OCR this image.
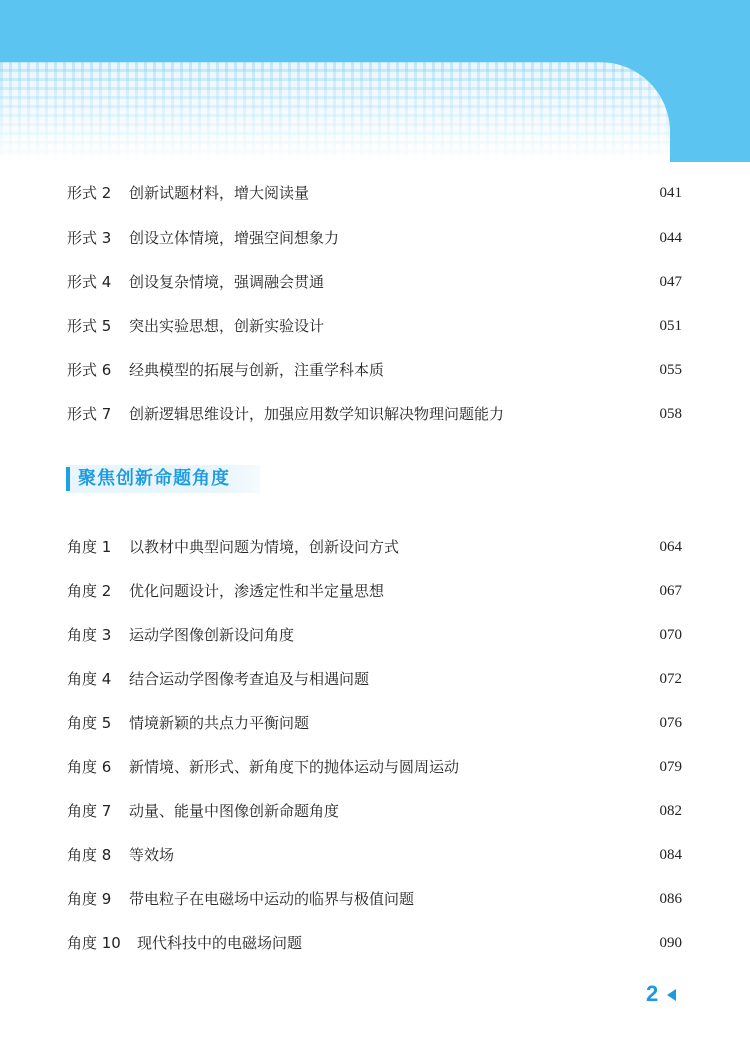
形式 2 创新试题材料，增大阅读量	041
形式 3 创设立体情境，增强空间想象力	044
形式 4 创设复杂情境，强调融会贯通	047
形式 5 突出实验思想，创新实验设计	051
形式 6 经典模型的拓展与创新，注重学科本质	055
形式 7 创新逻辑思维设计，加强应用数学知识解决物理问题能力	058
聚焦创新命题角度
角度 1 以教材中典型问题为情境，创新设问方式	064
角度 2 优化问题设计，渗透定性和半定量思想	067
角度 3 运动学图像创新设问角度	070
角度 4 结合运动学图像考查追及与相遇问题	072
角度 5 情境新颖的共点力平衡问题	076
角度 6 新情境、新形式、新角度下的抛体运动与圆周运动	079
角度 7 动量、能量中图像创新命题角度	082
角度 8 等效场	084
角度 9 带电粒子在电磁场中运动的临界与极值问题	086
角度 10 现代科技中的电磁场问题	090
2
